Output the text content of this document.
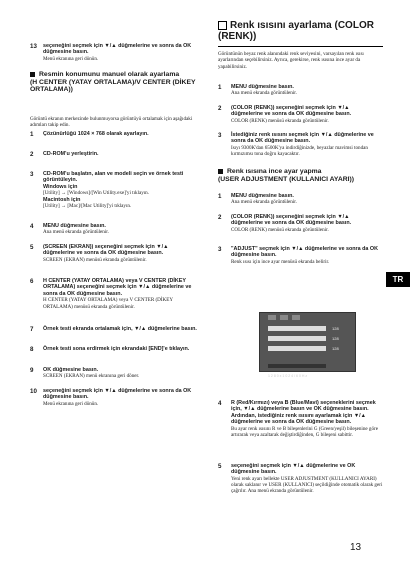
13	seçeneğini seçmek için ▼/▲ düğmelerine ve sonra da OK düğmesine basın.
Menü ekranına geri dönün.
Resmin konumunu manuel olarak ayarlama
(H CENTER (YATAY ORTALAMA)/V CENTER (DİKEY ORTALAMA))
Görüntü ekranın merkezinde bulunmuyorsa görüntüyü ortalamak için aşağıdaki adımları takip edin.
1	Çözünürlüğü 1024 × 768 olarak ayarlayın.
2	CD-ROM'u yerleştirin.
3	CD-ROM'u başlatın, alan ve modeli seçin ve örnek testi görüntüleyin.
Windows için
[Utility] → [Windows]/[Win Utility.exe]'yi tıklayın.
Macintosh için
[Utility] → [Mac]/[Mac Utility]'yi tıklayın.
4	MENU düğmesine basın.
Ana menü ekranda görüntülenir.
5	(SCREEN (EKRAN)) seçeneğini seçmek için ▼/▲ düğmelerine ve sonra da OK düğmesine basın.
SCREEN (EKRAN) menüsü ekranda görüntülenir.
6	H CENTER (YATAY ORTALAMA) veya V CENTER (DİKEY ORTALAMA) seçeneğini seçmek için ▼/▲ düğmelerine ve sonra da OK düğmesine basın.
H CENTER (YATAY ORTALAMA) veya V CENTER (DİKEY ORTALAMA) menüsü ekranda görüntülenir.
7	Örnek testi ekranda ortalamak için, ▼/▲ düğmelerine basın.
8	Örnek testi sona erdirmek için ekrandaki [END]'e tıklayın.
9	OK düğmesine basın.
SCREEN (EKRAN) menü ekranına geri döner.
10	seçeneğini seçmek için ▼/▲ düğmelerine ve sonra da OK düğmesine basın.
Menü ekranına geri dönün.
Renk ısısını ayarlama (COLOR (RENK))
Görüntünün beyaz renk alanındaki renk seviyesini, varsayılan renk ısısı ayarlarından seçebilirsiniz. Ayrıca, gerekirse, renk ısısına ince ayar da yapabilirsiniz.
1	MENU düğmesine basın.
Ana menü ekranda görüntülenir.
2	(COLOR (RENK)) seçeneğini seçmek için ▼/▲ düğmelerine ve sonra da OK düğmesine basın.
COLOR (RENK) menüsü ekranda görüntülenir.
3	İstediğiniz renk ısısını seçmek için ▼/▲ düğmelerine ve sonra da OK düğmesine basın.
Isıyı 9300K'dan 6500K'ya indirdiğinizde, beyazlar mavimsi tondan kırmızımsı tona doğru kayacaktır.
Renk ısısına ince ayar yapma
(USER ADJUSTMENT (KULLANICI AYARI))
1	MENU düğmesine basın.
Ana menü ekranda görüntülenir.
2	(COLOR (RENK)) seçeneğini seçmek için ▼/▲ düğmelerine ve sonra da OK düğmesine basın.
COLOR (RENK) menüsü ekranda görüntülenir.
3	"ADJUST" seçmek için ▼/▲ düğmelerine ve sonra da OK düğmesine basın.
Renk ısısı için ince ayar menüsü ekranda belirir.
128
128
128
1 2 8 0 x 1 0 2 4 / 6 0 H z
4	R (Red/Kırmızı) veya B (Blue/Mavi) seçeneklerini seçmek için, ▼/▲ düğmelerine basın ve OK düğmesine basın. Ardından, istediğiniz renk ısısını ayarlamak için ▼/▲ düğmelerine ve sonra da OK düğmesine basın.
Bu ayar renk ısısını R ve B bileşenlerini G (Green/yeşil) bileşenine göre artırarak veya azaltarak değiştirdiğinden, G bileşeni sabittir.
5	seçeneğini seçmek için ▼/▲ düğmelerine ve OK düğmesine basın.
Yeni renk ayarı bellekte USER ADJUSTMENT (KULLANICI AYARI) olarak saklanır ve USER (KULLANICI) seçildiğinde otomatik olarak geri çağrılır. Ana menü ekranda görüntülenir.
TR
13
